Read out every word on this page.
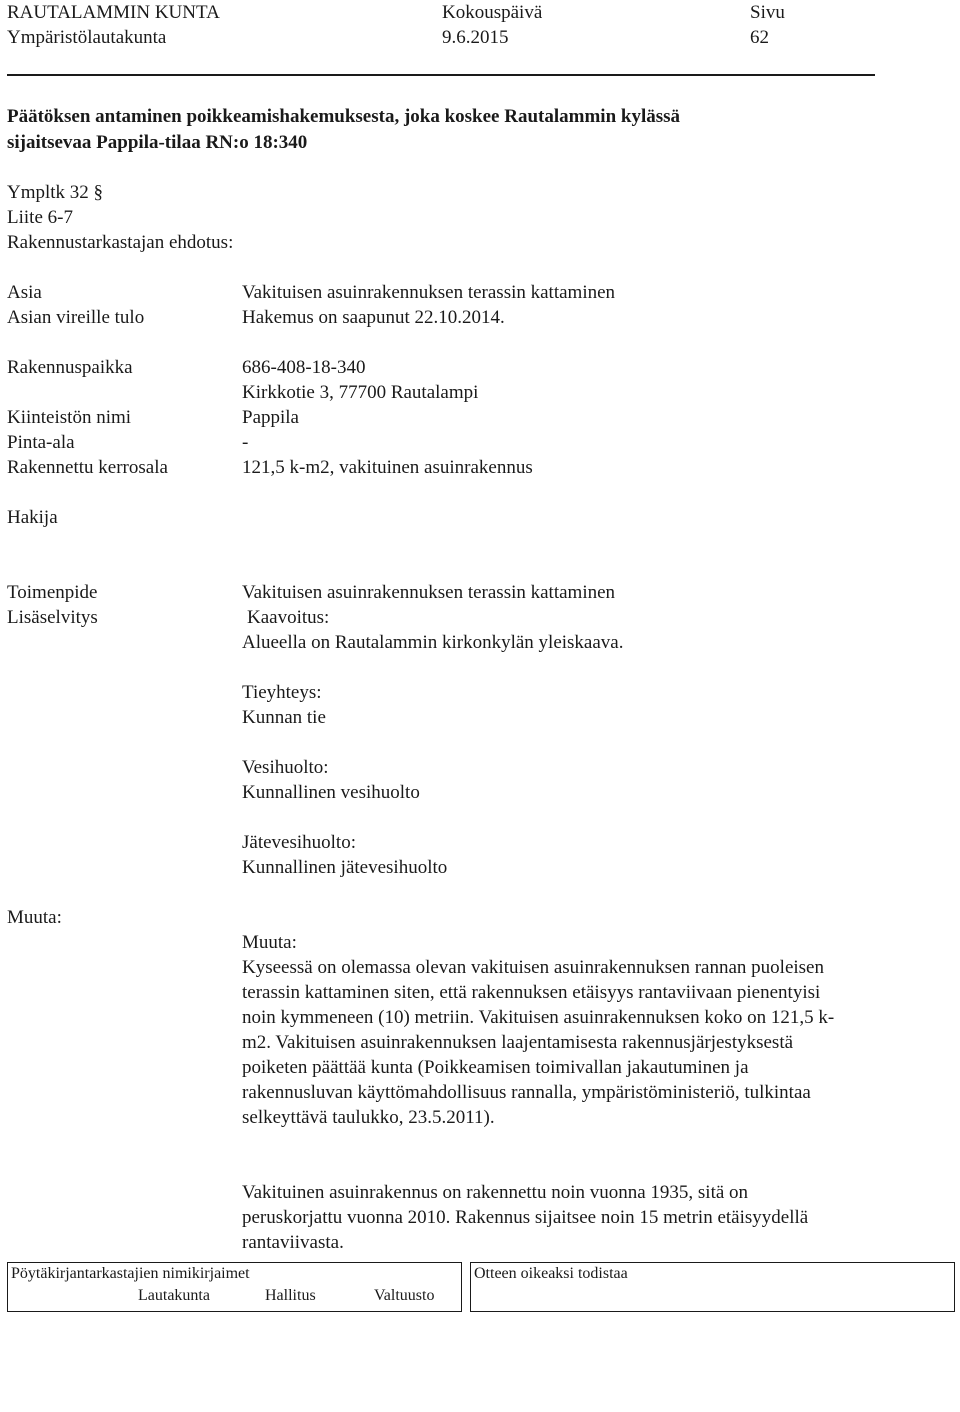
RAUTALAMMIN KUNTA
Ympäristölautakunta
Kokouspäivä
9.6.2015
Sivu
62
Päätöksen antaminen poikkeamishakemuksesta, joka koskee Rautalammin kylässä
sijaitsevaa Pappila-tilaa RN:o 18:340
Ympltk 32 §
Liite 6-7
Rakennustarkastajan ehdotus:
Asia	Vakituisen asuinrakennuksen terassin kattaminen
Asian vireille tulo	Hakemus on saapunut 22.10.2014.
Rakennuspaikka	686-408-18-340
Kirkkotie 3, 77700 Rautalampi
Kiinteistön nimi	Pappila
Pinta-ala	-
Rakennettu kerrosala	121,5 k-m2, vakituinen asuinrakennus
Hakija
Toimenpide	Vakituisen asuinrakennuksen terassin kattaminen
Lisäselvitys	Kaavoitus:
Alueella on Rautalammin kirkonkylän yleiskaava.
Tieyhteys:
Kunnan tie
Vesihuolto:
Kunnallinen vesihuolto
Jätevesihuolto:
Kunnallinen jätevesihuolto
Muuta:
Muuta:

Kyseessä on olemassa olevan vakituisen asuinrakennuksen rannan puoleisen terassin kattaminen siten, että rakennuksen etäisyys rantaviivaan pienentyisi noin kymmeneen (10) metriin. Vakituisen asuinrakennuksen koko on 121,5 k-m2. Vakituisen asuinrakennuksen laajentamisesta rakennusjärjestyksestä poiketen päättää kunta (Poikkeamisen toimivallan jakautuminen ja rakennusluvan käyttömahdollisuus rannalla, ympäristöministeriö, tulkintaa selkeyttävä taulukko, 23.5.2011).

Vakituinen asuinrakennus on rakennettu noin vuonna 1935, sitä on peruskorjattu vuonna 2010. Rakennus sijaitsee noin 15 metrin etäisyydellä rantaviivasta.

Pöytäkirjantarkastajien nimikirjaimet
Lautakunta	Hallitus	Valtuusto
Otteen oikeaksi todistaa
